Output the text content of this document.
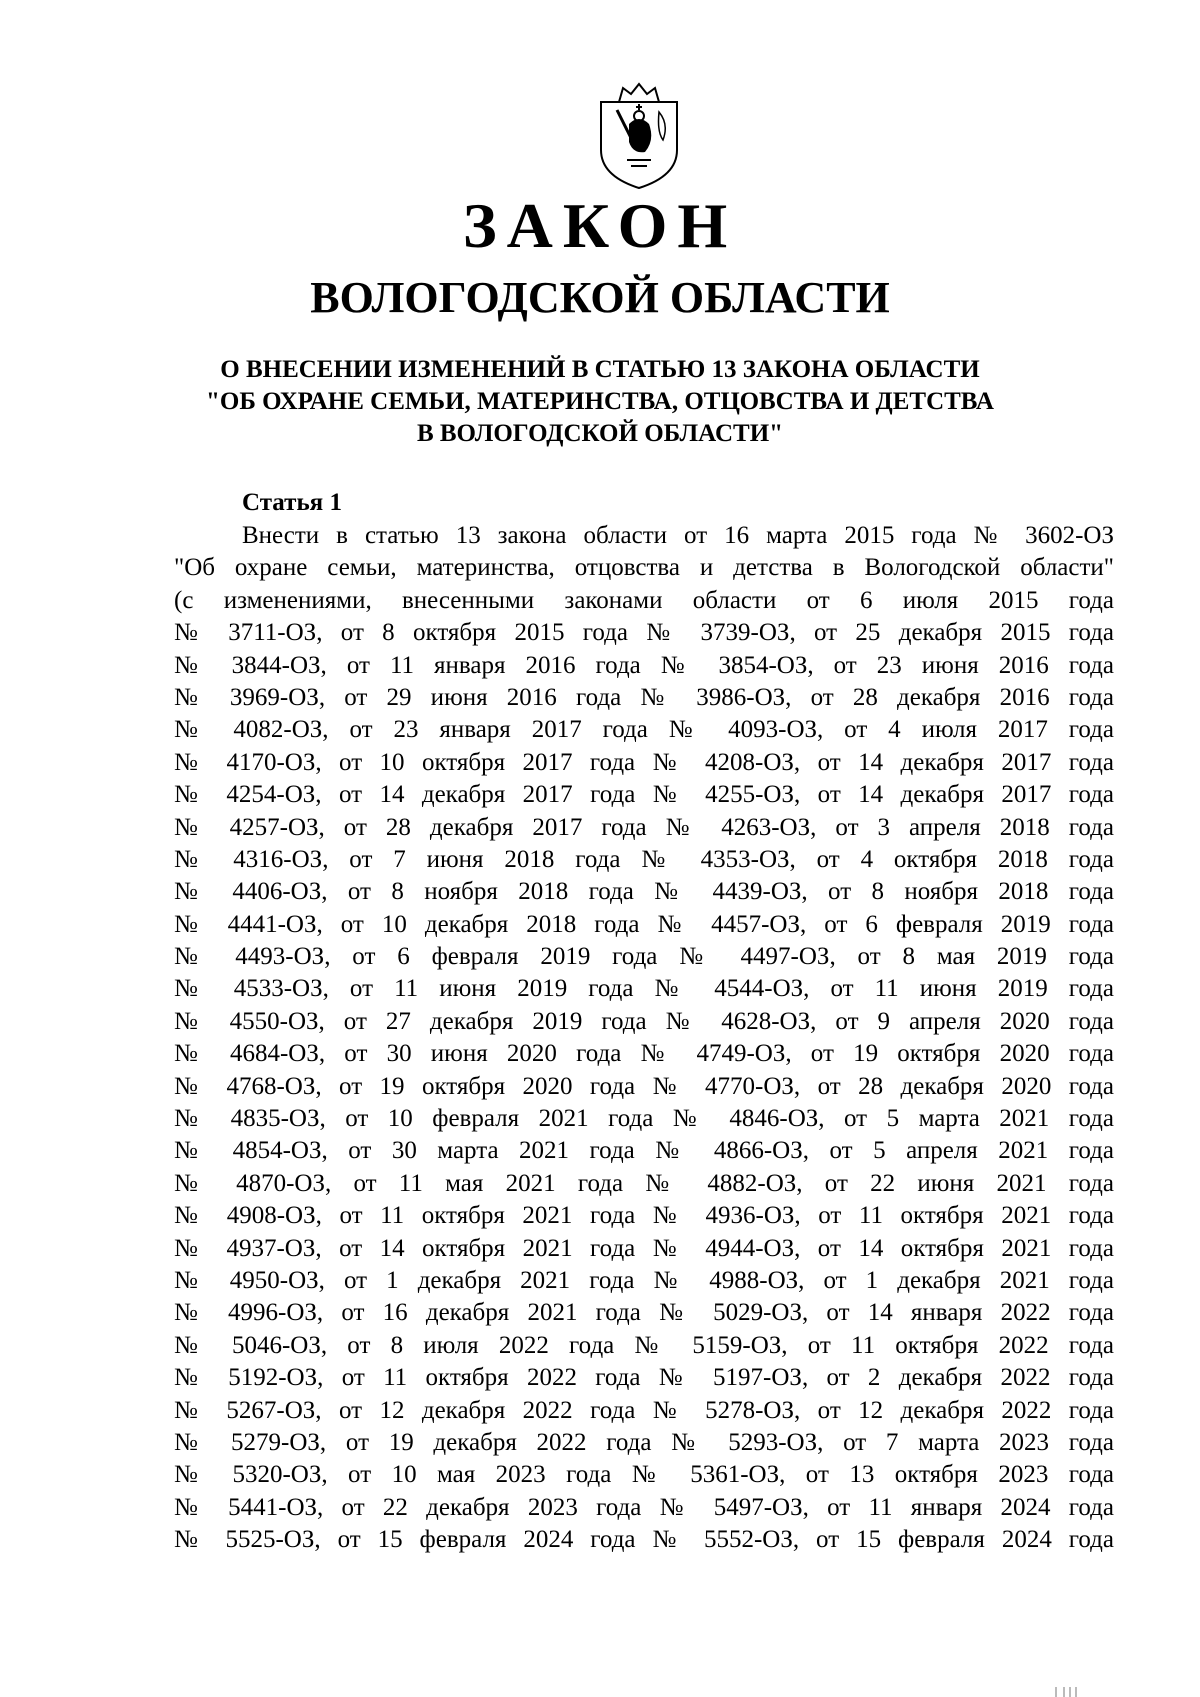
ЗАКОН
ВОЛОГОДСКОЙ ОБЛАСТИ
О ВНЕСЕНИИ ИЗМЕНЕНИЙ В СТАТЬЮ 13 ЗАКОНА ОБЛАСТИ
"ОБ ОХРАНЕ СЕМЬИ, МАТЕРИНСТВА, ОТЦОВСТВА И ДЕТСТВА
В ВОЛОГОДСКОЙ ОБЛАСТИ"
Статья 1
Внести в статью 13 закона области от 16 марта 2015 года № 3602-ОЗ
"Об охране семьи, материнства, отцовства и детства в Вологодской области"
(с изменениями, внесенными законами области от 6 июля 2015 года
№ 3711-ОЗ, от 8 октября 2015 года № 3739-ОЗ, от 25 декабря 2015 года
№ 3844-ОЗ, от 11 января 2016 года № 3854-ОЗ, от 23 июня 2016 года
№ 3969-ОЗ, от 29 июня 2016 года № 3986-ОЗ, от 28 декабря 2016 года
№ 4082-ОЗ, от 23 января 2017 года № 4093-ОЗ, от 4 июля 2017 года
№ 4170-ОЗ, от 10 октября 2017 года № 4208-ОЗ, от 14 декабря 2017 года
№ 4254-ОЗ, от 14 декабря 2017 года № 4255-ОЗ, от 14 декабря 2017 года
№ 4257-ОЗ, от 28 декабря 2017 года № 4263-ОЗ, от 3 апреля 2018 года
№ 4316-ОЗ, от 7 июня 2018 года № 4353-ОЗ, от 4 октября 2018 года
№ 4406-ОЗ, от 8 ноября 2018 года № 4439-ОЗ, от 8 ноября 2018 года
№ 4441-ОЗ, от 10 декабря 2018 года № 4457-ОЗ, от 6 февраля 2019 года
№ 4493-ОЗ, от 6 февраля 2019 года № 4497-ОЗ, от 8 мая 2019 года
№ 4533-ОЗ, от 11 июня 2019 года № 4544-ОЗ, от 11 июня 2019 года
№ 4550-ОЗ, от 27 декабря 2019 года № 4628-ОЗ, от 9 апреля 2020 года
№ 4684-ОЗ, от 30 июня 2020 года № 4749-ОЗ, от 19 октября 2020 года
№ 4768-ОЗ, от 19 октября 2020 года № 4770-ОЗ, от 28 декабря 2020 года
№ 4835-ОЗ, от 10 февраля 2021 года № 4846-ОЗ, от 5 марта 2021 года
№ 4854-ОЗ, от 30 марта 2021 года № 4866-ОЗ, от 5 апреля 2021 года
№ 4870-ОЗ, от 11 мая 2021 года № 4882-ОЗ, от 22 июня 2021 года
№ 4908-ОЗ, от 11 октября 2021 года № 4936-ОЗ, от 11 октября 2021 года
№ 4937-ОЗ, от 14 октября 2021 года № 4944-ОЗ, от 14 октября 2021 года
№ 4950-ОЗ, от 1 декабря 2021 года № 4988-ОЗ, от 1 декабря 2021 года
№ 4996-ОЗ, от 16 декабря 2021 года № 5029-ОЗ, от 14 января 2022 года
№ 5046-ОЗ, от 8 июля 2022 года № 5159-ОЗ, от 11 октября 2022 года
№ 5192-ОЗ, от 11 октября 2022 года № 5197-ОЗ, от 2 декабря 2022 года
№ 5267-ОЗ, от 12 декабря 2022 года № 5278-ОЗ, от 12 декабря 2022 года
№ 5279-ОЗ, от 19 декабря 2022 года № 5293-ОЗ, от 7 марта 2023 года
№ 5320-ОЗ, от 10 мая 2023 года № 5361-ОЗ, от 13 октября 2023 года
№ 5441-ОЗ, от 22 декабря 2023 года № 5497-ОЗ, от 11 января 2024 года
№ 5525-ОЗ, от 15 февраля 2024 года № 5552-ОЗ, от 15 февраля 2024 года
